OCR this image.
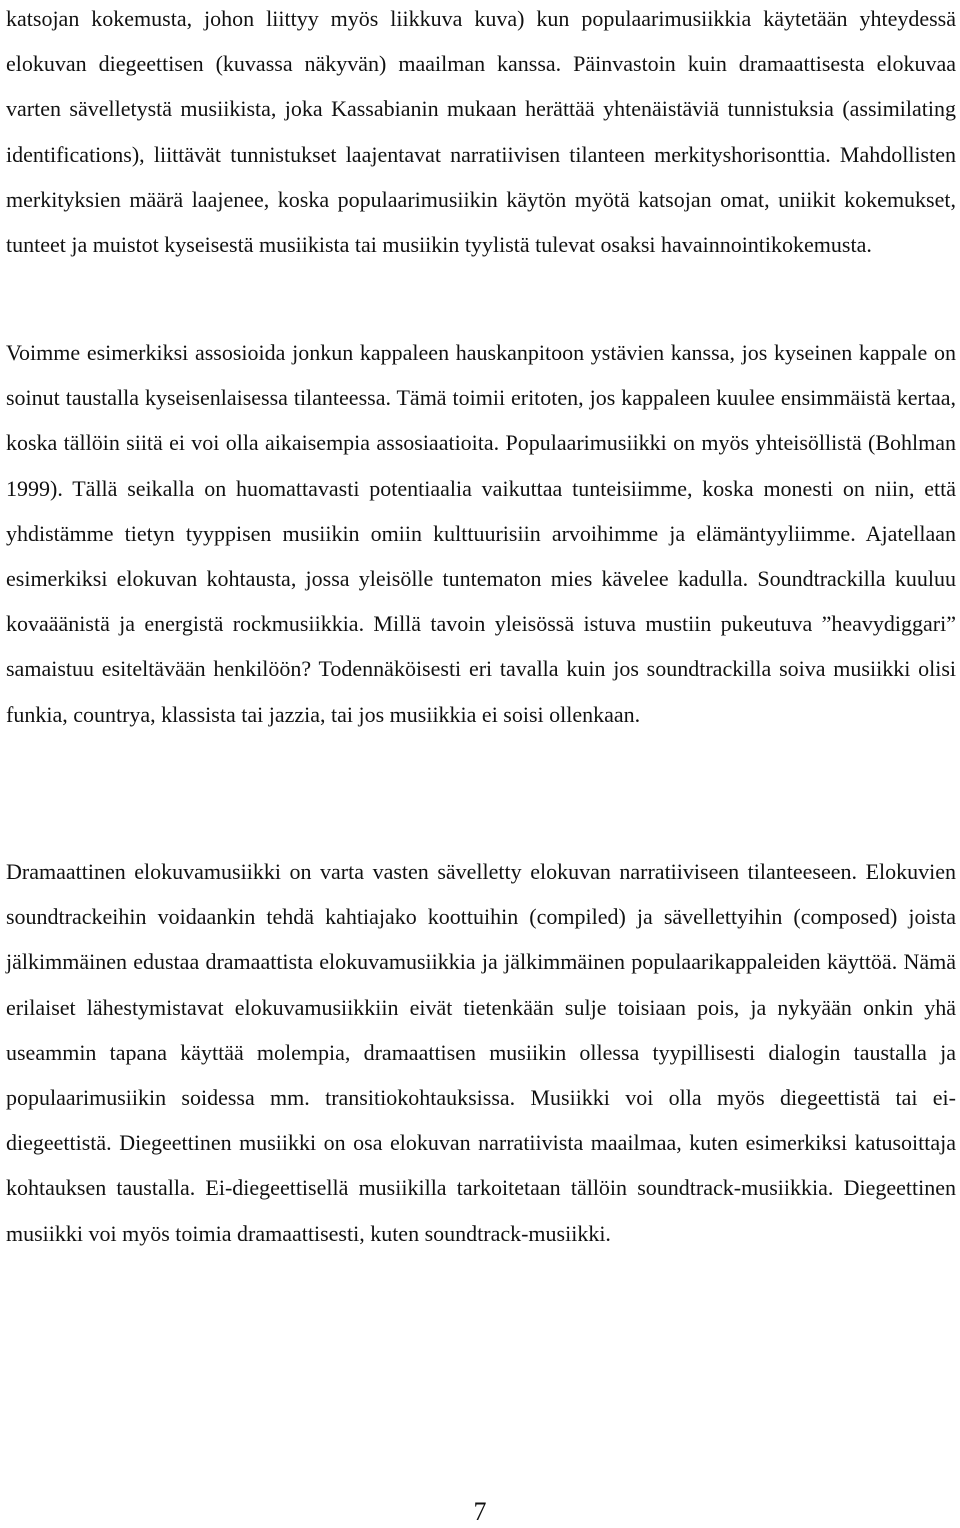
katsojan kokemusta, johon liittyy myös liikkuva kuva) kun populaarimusiikkia käytetään yhteydessä elokuvan diegeettisen (kuvassa näkyvän) maailman kanssa. Päinvastoin kuin dramaattisesta elokuvaa varten sävelletystä musiikista, joka Kassabianin mukaan herättää yhtenäistäviä tunnistuksia (assimilating identifications), liittävät tunnistukset laajentavat narratiivisen tilanteen merkityshorisonttia. Mahdollisten merkityksien määrä laajenee, koska populaarimusiikin käytön myötä katsojan omat, uniikit kokemukset, tunteet ja muistot kyseisestä musiikista tai musiikin tyylistä tulevat osaksi havainnointikokemusta.

Voimme esimerkiksi assosioida jonkun kappaleen hauskanpitoon ystävien kanssa, jos kyseinen kappale on soinut taustalla kyseisenlaisessa tilanteessa. Tämä toimii eritoten, jos kappaleen kuulee ensimmäistä kertaa, koska tällöin siitä ei voi olla aikaisempia assosiaatioita. Populaarimusiikki on myös yhteisöllistä (Bohlman 1999). Tällä seikalla on huomattavasti potentiaalia vaikuttaa tunteisiimme, koska monesti on niin, että yhdistämme tietyn tyyppisen musiikin omiin kulttuurisiin arvoihimme ja elämäntyyliimme. Ajatellaan esimerkiksi elokuvan kohtausta, jossa yleisölle tuntematon mies kävelee kadulla. Soundtrackilla kuuluu kovaäänistä ja energistä rockmusiikkia. Millä tavoin yleisössä istuva mustiin pukeutuva ”heavydiggari” samaistuu esiteltävään henkilöön? Todennäköisesti eri tavalla kuin jos soundtrackilla soiva musiikki olisi funkia, countrya, klassista tai jazzia, tai jos musiikkia ei soisi ollenkaan.

Dramaattinen elokuvamusiikki on varta vasten sävelletty elokuvan narratiiviseen tilanteeseen. Elokuvien soundtrackeihin voidaankin tehdä kahtiajako koottuihin (compiled) ja sävellettyihin (composed) joista jälkimmäinen edustaa dramaattista elokuvamusiikkia ja jälkimmäinen populaarikappaleiden käyttöä. Nämä erilaiset lähestymistavat elokuvamusiikkiin eivät tietenkään sulje toisiaan pois, ja nykyään onkin yhä useammin tapana käyttää molempia, dramaattisen musiikin ollessa tyypillisesti dialogin taustalla ja populaarimusiikin soidessa mm. transitiokohtauksissa. Musiikki voi olla myös diegeettistä tai ei-diegeettistä. Diegeettinen musiikki on osa elokuvan narratiivista maailmaa, kuten esimerkiksi katusoittaja kohtauksen taustalla. Ei-diegeettisellä musiikilla tarkoitetaan tällöin soundtrack-musiikkia. Diegeettinen musiikki voi myös toimia dramaattisesti, kuten soundtrack-musiikki.

7
